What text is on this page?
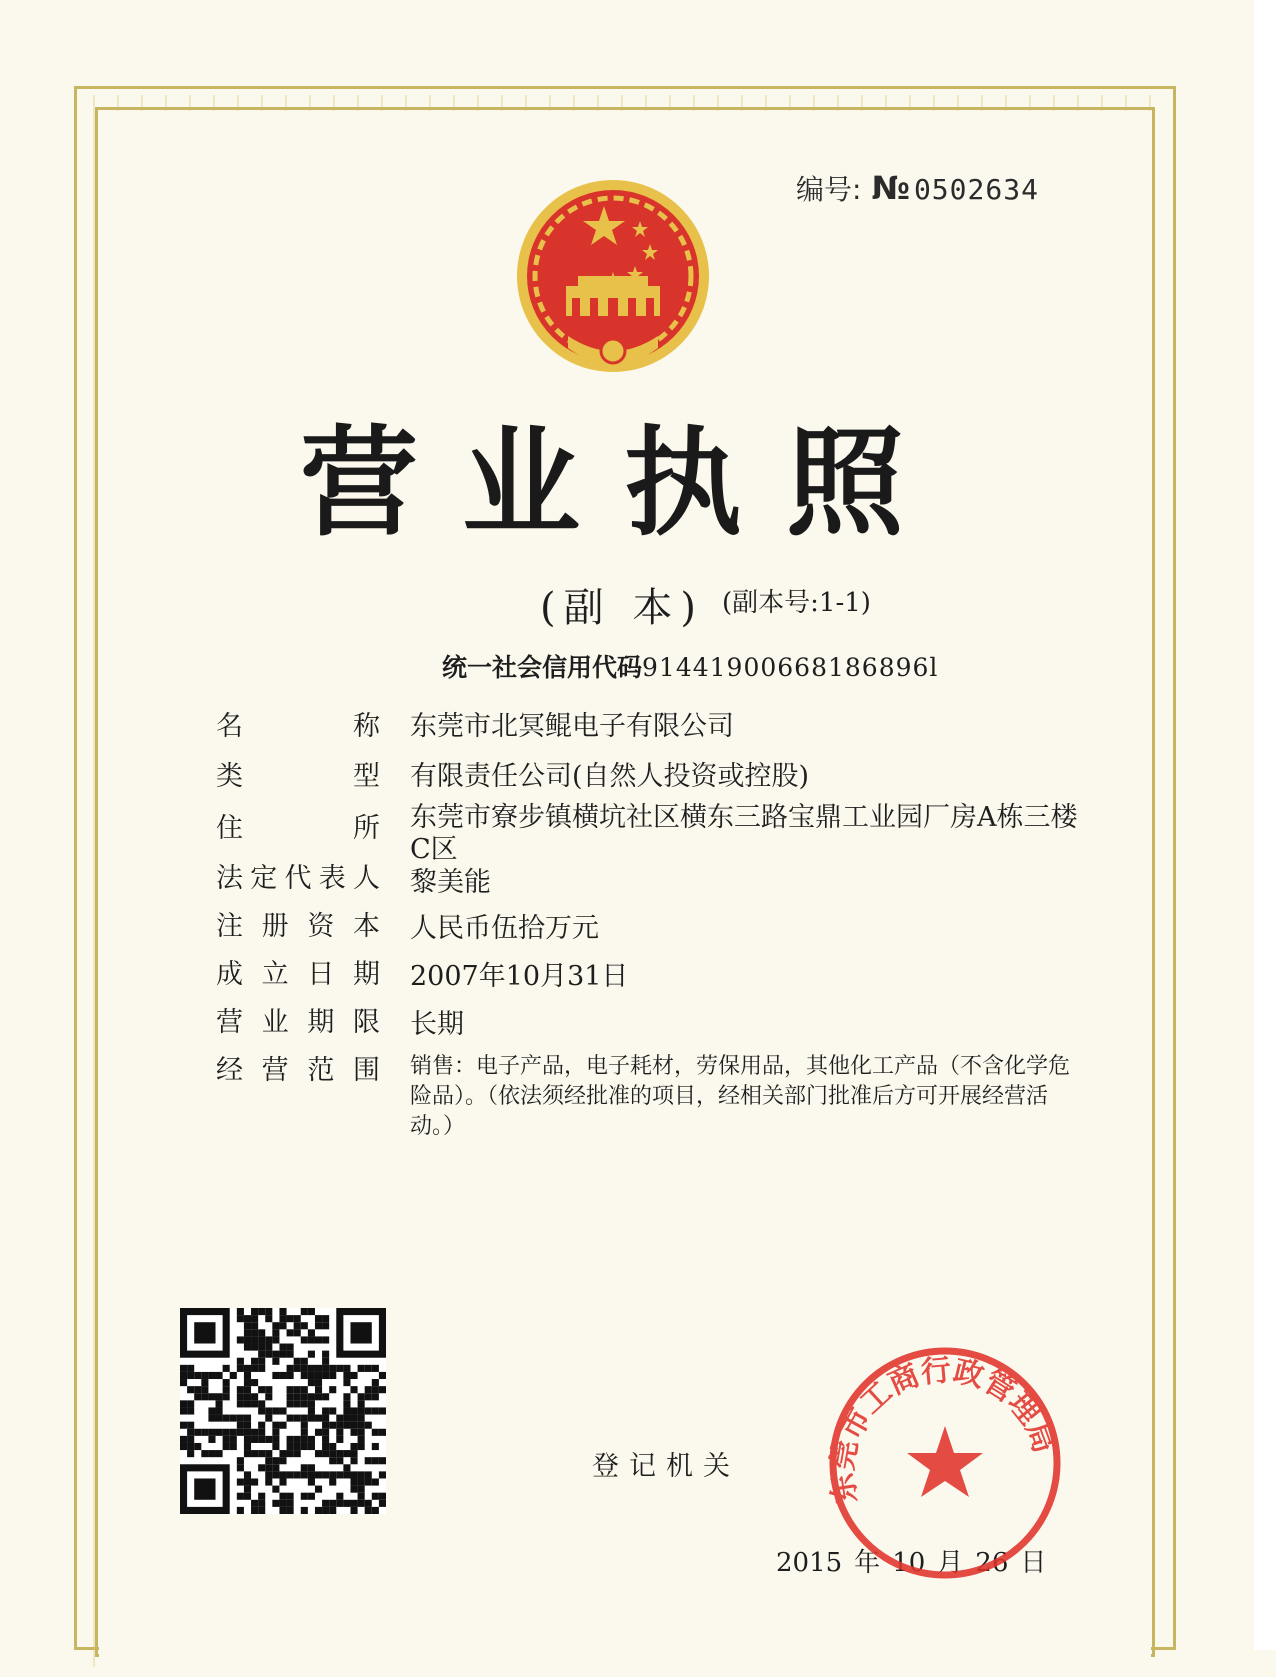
编号: № 0502634
营业执照
(副 本) (副本号:1-1)
统一社会信用代码91441900668186896l
名称 东莞市北冥鲲电子有限公司
类型 有限责任公司(自然人投资或控股)
住所 东莞市寮步镇横坑社区横东三路宝鼎工业园厂房A栋三楼C区
法定代表人 黎美能
注册资本 人民币伍拾万元
成立日期 2007年10月31日
营业期限 长期
经营范围 销售：电子产品，电子耗材，劳保用品，其他化工产品（不含化学危险品）。（依法须经批准的项目，经相关部门批准后方可开展经营活动。）
登记机关
2015 年 10 月 26 日
东莞市工商行政管理局
